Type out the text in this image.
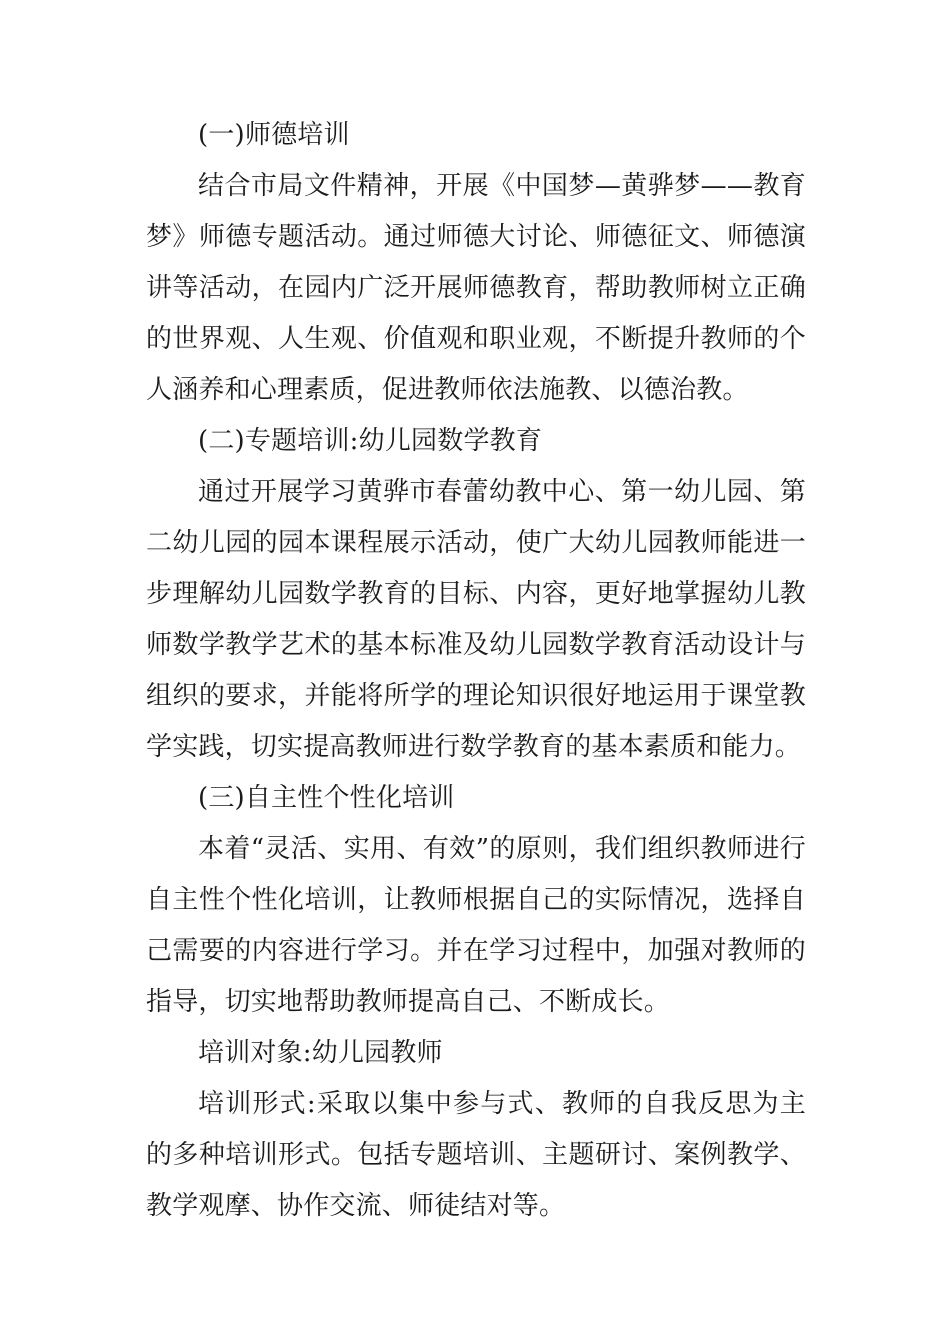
(一)师德培训

结合市局文件精神，开展《中国梦—黄骅梦——教育梦》师德专题活动。通过师德大讨论、师德征文、师德演讲等活动，在园内广泛开展师德教育，帮助教师树立正确的世界观、人生观、价值观和职业观，不断提升教师的个人涵养和心理素质，促进教师依法施教、以德治教。

(二)专题培训:幼儿园数学教育

通过开展学习黄骅市春蕾幼教中心、第一幼儿园、第二幼儿园的园本课程展示活动，使广大幼儿园教师能进一步理解幼儿园数学教育的目标、内容，更好地掌握幼儿教师数学教学艺术的基本标准及幼儿园数学教育活动设计与组织的要求，并能将所学的理论知识很好地运用于课堂教学实践，切实提高教师进行数学教育的基本素质和能力。

(三)自主性个性化培训

本着“灵活、实用、有效”的原则，我们组织教师进行自主性个性化培训，让教师根据自己的实际情况，选择自己需要的内容进行学习。并在学习过程中，加强对教师的指导，切实地帮助教师提高自己、不断成长。

培训对象:幼儿园教师

培训形式:采取以集中参与式、教师的自我反思为主的多种培训形式。包括专题培训、主题研讨、案例教学、教学观摩、协作交流、师徒结对等。
